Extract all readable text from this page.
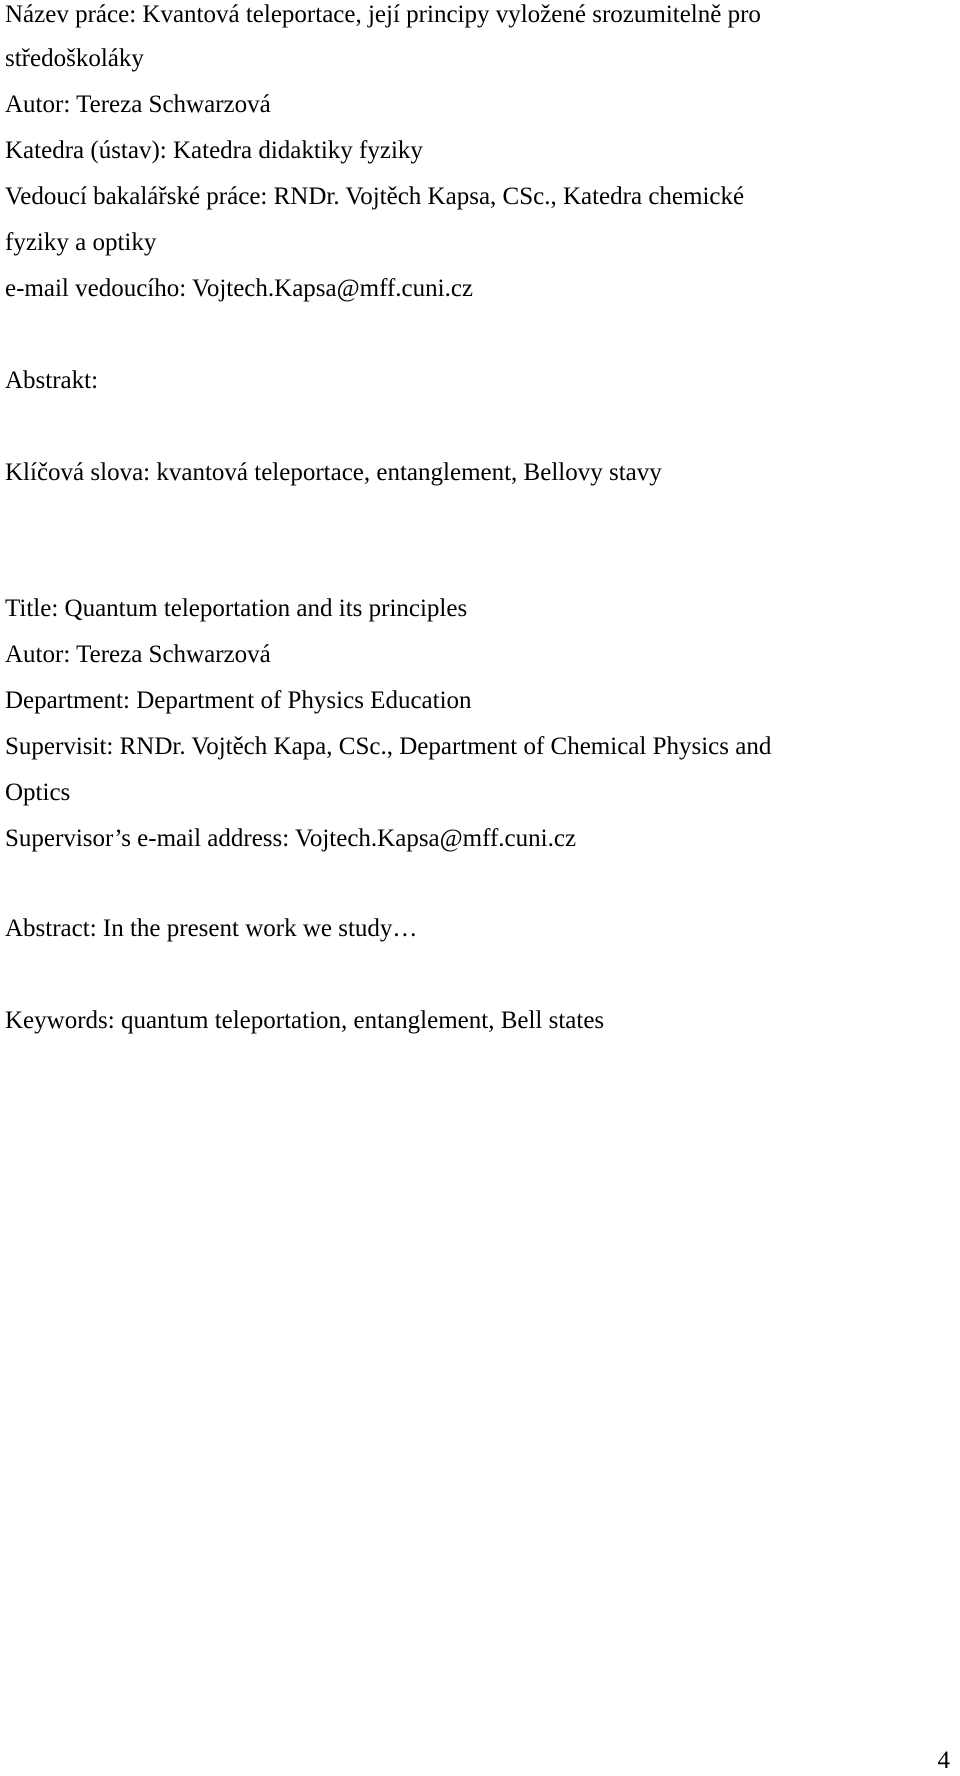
Název práce: Kvantová teleportace, její principy vyložené srozumitelně pro
středoškoláky
Autor: Tereza Schwarzová
Katedra (ústav): Katedra didaktiky fyziky
Vedoucí bakalářské práce: RNDr. Vojtěch Kapsa, CSc., Katedra chemické
fyziky a optiky
e-mail vedoucího: Vojtech.Kapsa@mff.cuni.cz
Abstrakt:
Klíčová slova: kvantová teleportace, entanglement, Bellovy stavy
Title: Quantum teleportation and its principles
Autor: Tereza Schwarzová
Department: Department of Physics Education
Supervisit: RNDr. Vojtěch Kapa, CSc., Department of Chemical Physics and
Optics
Supervisor’s e-mail address: Vojtech.Kapsa@mff.cuni.cz
Abstract: In the present work we study…
Keywords: quantum teleportation, entanglement, Bell states
4
